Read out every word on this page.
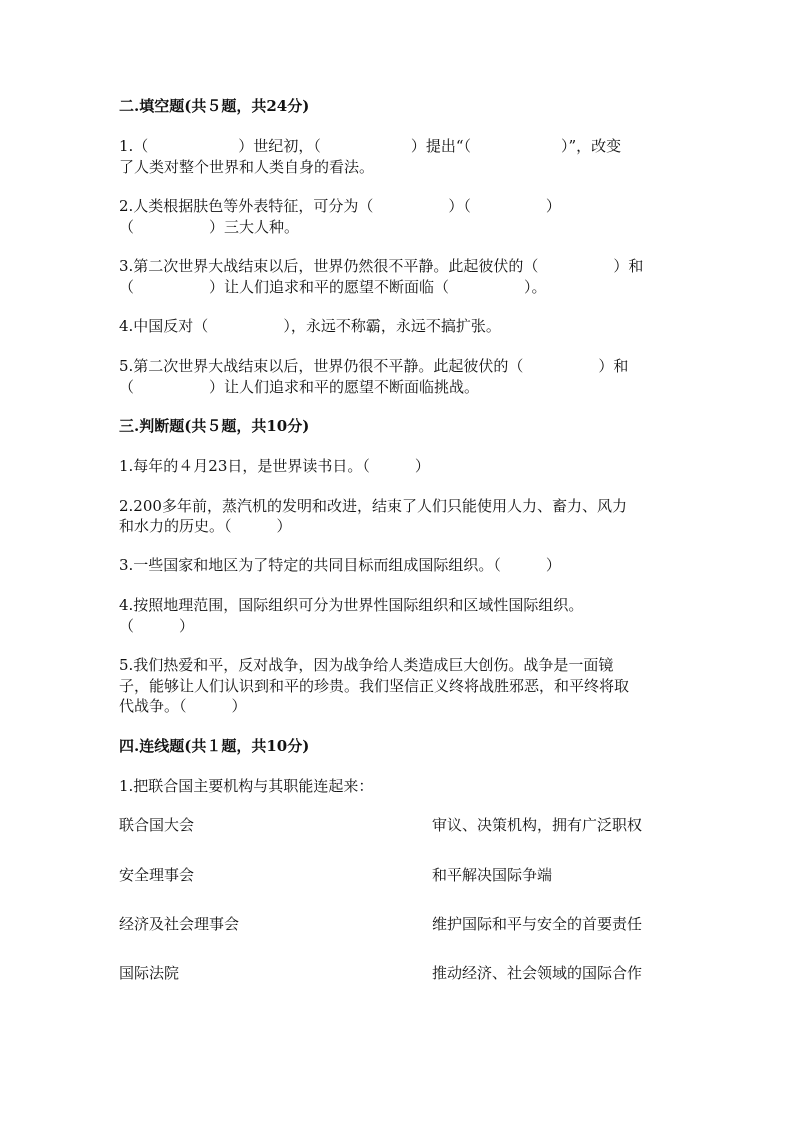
二.填空题(共５题，共24分)
1.（　　　　　　）世纪初，（　　　　　　）提出“（　　　　　　）”，改变
了人类对整个世界和人类自身的看法。
2.人类根据肤色等外表特征，可分为（　　　　　）（　　　　　）
（　　　　　）三大人种。
3.第二次世界大战结束以后，世界仍然很不平静。此起彼伏的（　　　　　）和
（　　　　　）让人们追求和平的愿望不断面临（　　　　　）。
4.中国反对（　　　　　），永远不称霸，永远不搞扩张。
5.第二次世界大战结束以后，世界仍很不平静。此起彼伏的（　　　　　）和
（　　　　　）让人们追求和平的愿望不断面临挑战。
三.判断题(共５题，共10分)
1.每年的４月23日，是世界读书日。（　　　）
2.200多年前，蒸汽机的发明和改进，结束了人们只能使用人力、畜力、风力
和水力的历史。（　　　）
3.一些国家和地区为了特定的共同目标而组成国际组织。（　　　）
4.按照地理范围，国际组织可分为世界性国际组织和区域性国际组织。
（　　　）
5.我们热爱和平，反对战争，因为战争给人类造成巨大创伤。战争是一面镜
子，能够让人们认识到和平的珍贵。我们坚信正义终将战胜邪恶，和平终将取
代战争。（　　　）
四.连线题(共１题，共10分)
1.把联合国主要机构与其职能连起来：
联合国大会	审议、决策机构，拥有广泛职权
安全理事会	和平解决国际争端
经济及社会理事会	维护国际和平与安全的首要责任
国际法院	推动经济、社会领域的国际合作
